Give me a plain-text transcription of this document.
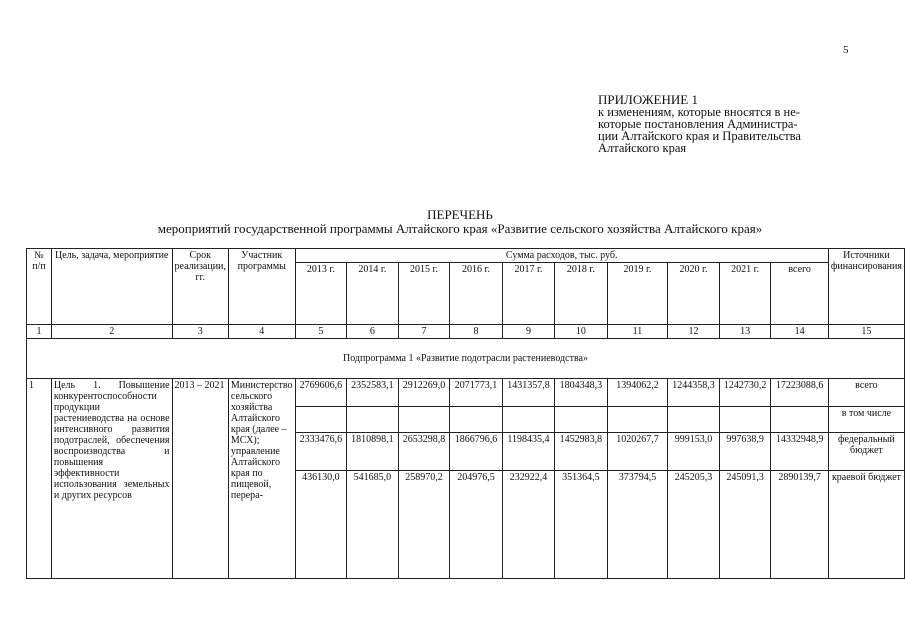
5
ПРИЛОЖЕНИЕ 1
к изменениям, которые вносятся в не-
которые постановления Администра-
ции Алтайского края и Правительства
Алтайского края
ПЕРЕЧЕНЬ
мероприятий государственной программы Алтайского края «Развитие сельского хозяйства Алтайского края»
№ п/п	Цель, задача, мероприятие	Срок реализации, гг.	Участник программы	Сумма расходов, тыс. руб.										Источники финансирования
				2013 г.	2014 г.	2015 г.	2016 г.	2017 г.	2018 г.	2019 г.	2020 г.	2021 г.	всего	
1	2	3	4	5	6	7	8	9	10	11	12	13	14	15
Подпрограмма 1 «Развитие подотрасли растениеводства»														
1	Цель 1. Повышение конкурентоспособности продукции растениеводства на основе интенсивного развития подотраслей, обеспечения воспроизводства и повышения эффективности использования земельных и других ресурсов	2013 – 2021	Министерство сельского хозяйства Алтайского края (далее – МСХ); управление Алтайского края по пищевой, перера-	2769606,6	2352583,1	2912269,0	2071773,1	1431357,8	1804348,3	1394062,2	1244358,3	1242730,2	17223088,6	всего
														в том числе
				2333476,6	1810898,1	2653298,8	1866796,6	1198435,4	1452983,8	1020267,7	999153,0	997638,9	14332948,9	федеральный бюджет
				436130,0	541685,0	258970,2	204976,5	232922,4	351364,5	373794,5	245205,3	245091,3	2890139,7	краевой бюджет
